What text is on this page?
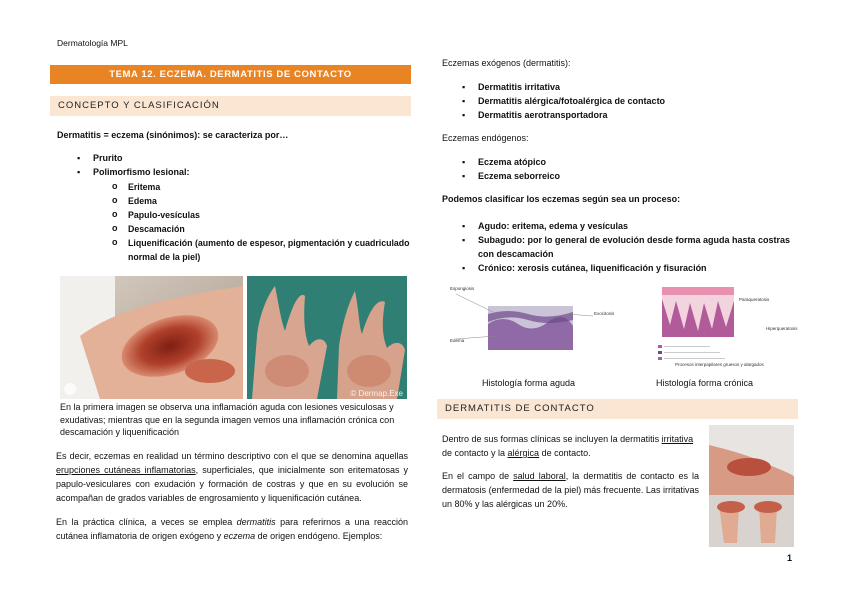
Dermatología MPL
TEMA 12. ECZEMA. DERMATITIS DE CONTACTO
CONCEPTO Y CLASIFICACIÓN
Dermatitis = eczema (sinónimos): se caracteriza por…
▪ Prurito
▪ Polimorfismo lesional:
o Eritema
o Edema
o Papulo-vesículas
o Descamación
o Liquenificación (aumento de espesor, pigmentación y cuadriculado normal de la piel)
© Dermap.Exe
En la primera imagen se observa una inflamación aguda con lesiones vesiculosas y exudativas; mientras que en la segunda imagen vemos una inflamación crónica con descamación y liquenificación
Es decir, eczemas en realidad un término descriptivo con el que se denomina aquellas erupciones cutáneas inflamatorias, superficiales, que inicialmente son eritematosas y papulo-vesiculares con exudación y formación de costras y que en su evolución se acompañan de grados variables de engrosamiento y liquenificación cutánea.
En la práctica clínica, a veces se emplea dermatitis para referirnos a una reacción cutánea inflamatoria de origen exógeno y eczema de origen endógeno. Ejemplos:
Eczemas exógenos (dermatitis):
▪ Dermatitis irritativa
▪ Dermatitis alérgica/fotoalérgica de contacto
▪ Dermatitis aerotransportadora
Eczemas endógenos:
▪ Eczema atópico
▪ Eczema seborreico
Podemos clasificar los eczemas según sea un proceso:
▪ Agudo: eritema, edema y vesículas
▪ Subagudo: por lo general de evolución desde forma aguda hasta costras con descamación
▪ Crónico: xerosis cutánea, liquenificación y fisuración
Espongiosis
Edema
Exocitosis
Paraqueratosis
Hiperqueratosis
Procesos interpapilares gruesos y alargados
Histología forma aguda	Histología forma crónica
DERMATITIS DE CONTACTO
Dentro de sus formas clínicas se incluyen la dermatitis irritativa de contacto y la alérgica de contacto.
En el campo de salud laboral, la dermatitis de contacto es la dermatosis (enfermedad de la piel) más frecuente. Las irritativas un 80% y las alérgicas un 20%.
1
